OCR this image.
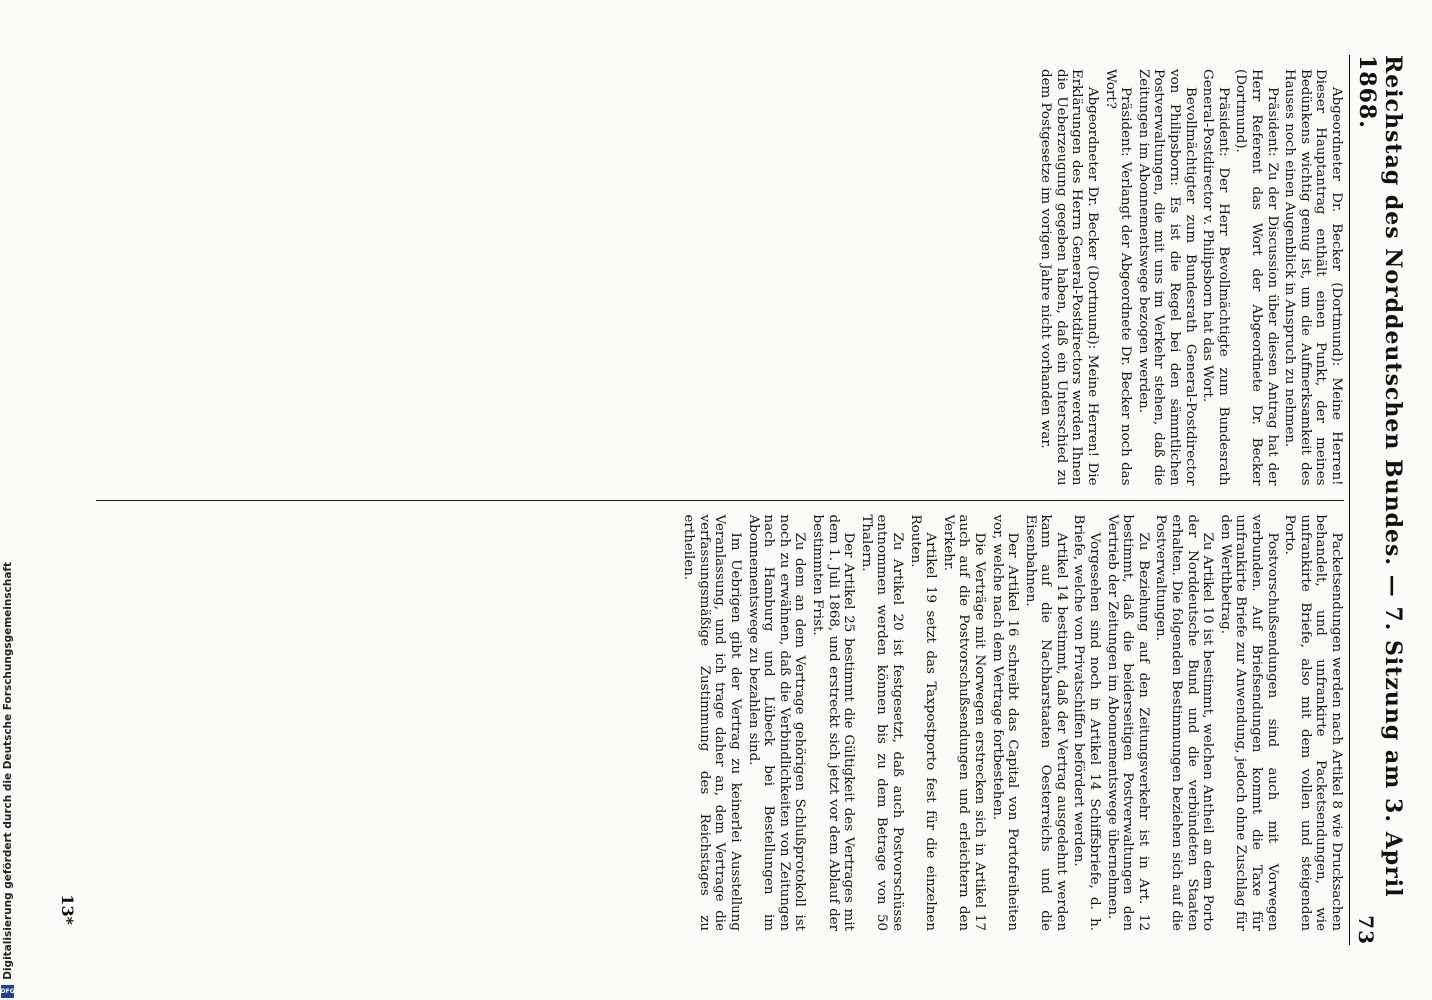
Digitalisierung gefördert durch die Deutsche Forschungsgemeinschaft
DFG
Reichstag des Norddeutschen Bundes. — 7. Sitzung am 3. April 1868.
73

Abgeordneter Dr. Becker (Dortmund): Meine Herren! Dieser Hauptantrag enthält einen Punkt, der meines Bedünkens wichtig genug ist, um die Aufmerksamkeit des Hauses noch einen Augenblick in Anspruch zu nehmen.

Präsident: Zu der Discussion über diesen Antrag hat der Herr Referent das Wort der Abgeordnete Dr. Becker (Dortmund).

Präsident: Der Herr Bevollmächtigte zum Bundesrath General-Postdirector v. Philipsborn hat das Wort.

Bevollmächtigter zum Bundesrath General-Postdirector von Philipsborn: Es ist die Regel bei den sämmtlichen Postverwaltungen, die mit uns im Verkehr stehen, daß die Zeitungen im Abonnementswege bezogen werden.

Präsident: Verlangt der Abgeordnete Dr. Becker noch das Wort?

Abgeordneter Dr. Becker (Dortmund): Meine Herren! Die Erklärungen des Herrn General-Postdirectors werden Ihnen die Ueberzeugung gegeben haben, daß ein Unterschied zu dem Postgesetze im vorigen Jahre nicht vorhanden war.

Packetsendungen werden nach Artikel 8 wie Drucksachen behandelt, und unfrankirte Packetsendungen, wie unfrankirte Briefe, also mit dem vollen und steigenden Porto.

Postvorschußsendungen sind auch mit Vorwegen verbunden. Auf Briefsendungen kommt die Taxe für unfrankirte Briefe zur Anwendung, jedoch ohne Zuschlag für den Werthbetrag.

Zu Artikel 10 ist bestimmt, welchen Antheil an dem Porto der Norddeutsche Bund und die verbündeten Staaten erhalten. Die folgenden Bestimmungen beziehen sich auf die Postverwaltungen.

Zu Beziehung auf den Zeitungsverkehr ist in Art. 12 bestimmt, daß die beiderseitigen Postverwaltungen den Vertrieb der Zeitungen im Abonnementswege übernehmen.

Vorgesehen sind noch in Artikel 14 Schiffsbriefe, d. h. Briefe, welche von Privatschiffen befördert werden.

Artikel 14 bestimmt, daß der Vertrag ausgedehnt werden kann auf die Nachbarstaaten Oesterreichs und die Eisenbahnen.

Der Artikel 16 schreibt das Capital von Portofreiheiten vor, welche nach dem Vertrage fortbestehen.

Die Verträge mit Norwegen erstrecken sich in Artikel 17 auch auf die Postvorschußsendungen und erleichtern den Verkehr.

Artikel 19 setzt das Taxpostporto fest für die einzelnen Routen.

Zu Artikel 20 ist festgesetzt, daß auch Postvorschüsse entnommen werden können bis zu dem Betrage von 50 Thalern.

Der Artikel 25 bestimmt die Gültigkeit des Vertrages mit dem 1. Juli 1868, und erstreckt sich jetzt vor dem Ablauf der bestimmten Frist.

Zu dem an dem Vertrage gehörigen Schlußprotokoll ist noch zu erwähnen, daß die Verbindlichkeiten von Zeitungen nach Hamburg und Lübeck bei Bestellungen im Abonnementswege zu bezahlen sind.

Im Uebrigen gibt der Vertrag zu keinerlei Ausstellung Veranlassung, und ich trage daher an, dem Vertrage die verfassungsmäßige Zustimmung des Reichstages zu ertheilen.

13*
